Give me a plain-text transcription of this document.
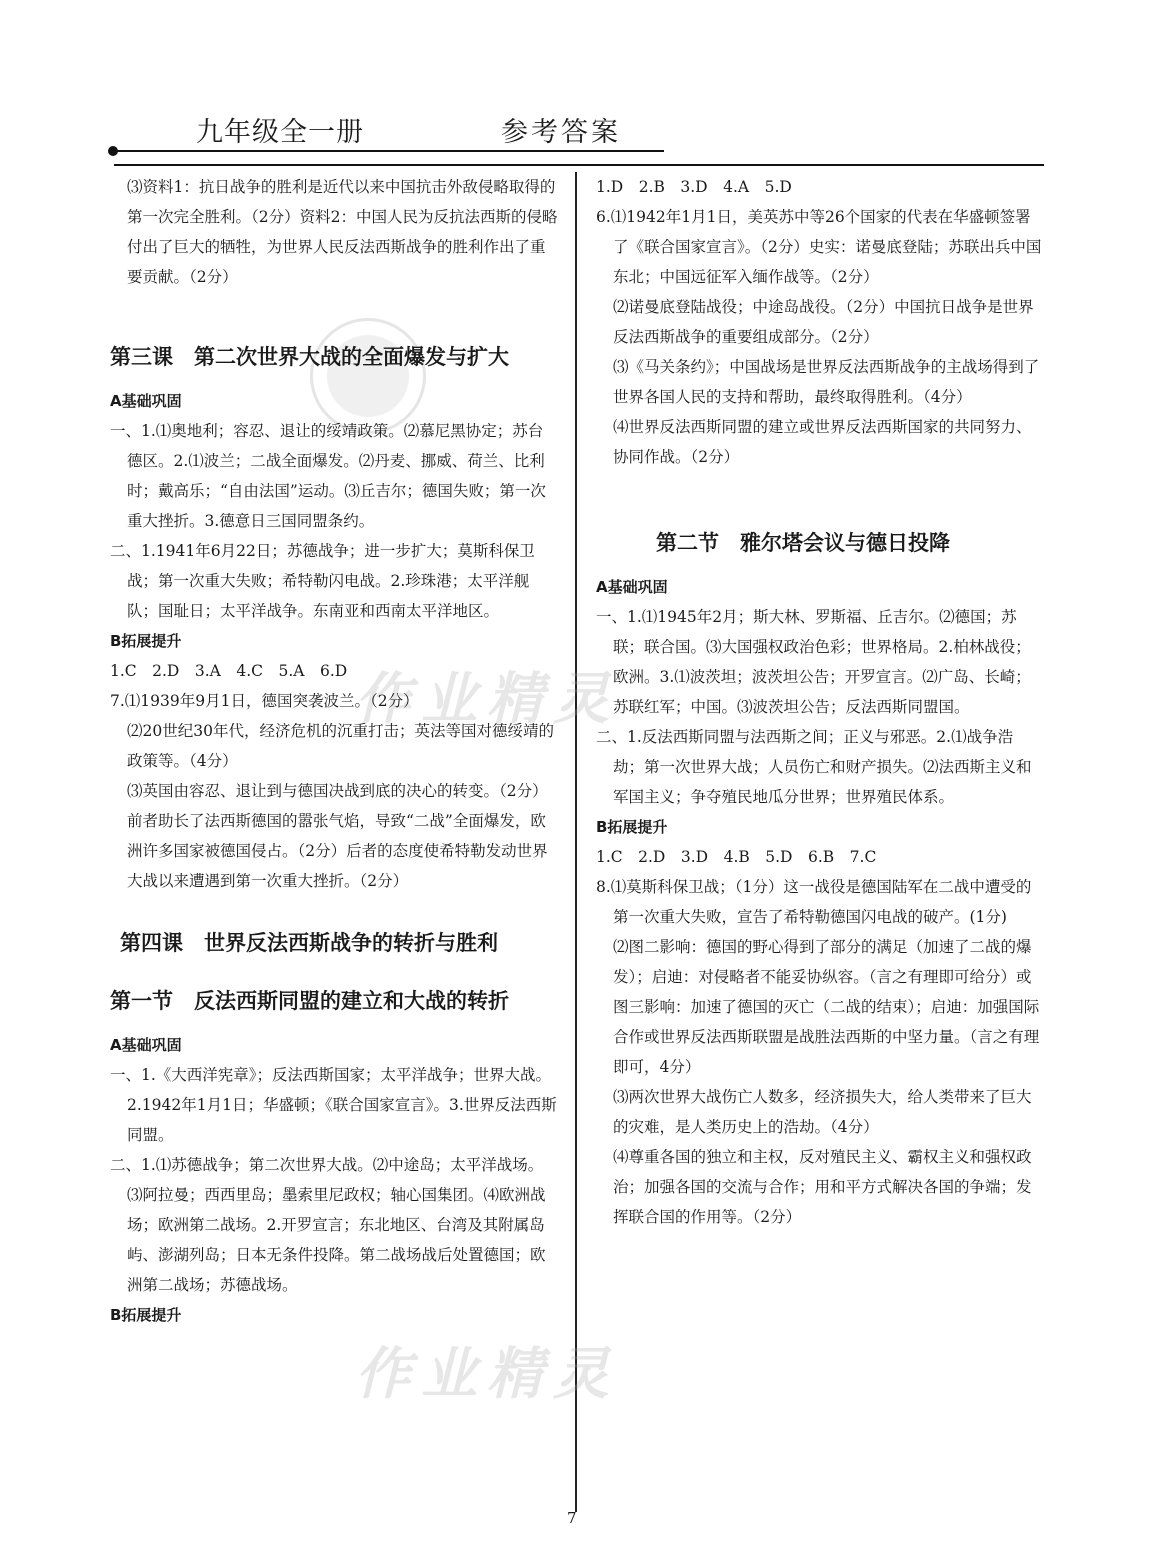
九年级全一册	参考答案
作业精灵
作业精灵
⑶资料1：抗日战争的胜利是近代以来中国抗击外敌侵略取得的第一次完全胜利。（2分）资料2：中国人民为反抗法西斯的侵略付出了巨大的牺牲，为世界人民反法西斯战争的胜利作出了重要贡献。（2分）
第三课　第二次世界大战的全面爆发与扩大
A基础巩固
一、1.⑴奥地利；容忍、退让的绥靖政策。⑵慕尼黑协定；苏台德区。2.⑴波兰；二战全面爆发。⑵丹麦、挪威、荷兰、比利时；戴高乐；“自由法国”运动。⑶丘吉尔；德国失败；第一次重大挫折。3.德意日三国同盟条约。
二、1.1941年6月22日；苏德战争；进一步扩大；莫斯科保卫战；第一次重大失败；希特勒闪电战。2.珍珠港；太平洋舰队；国耻日；太平洋战争。东南亚和西南太平洋地区。
B拓展提升
1.C　2.D　3.A　4.C　5.A　6.D
7.⑴1939年9月1日，德国突袭波兰。（2分）
⑵20世纪30年代，经济危机的沉重打击；英法等国对德绥靖的政策等。（4分）
⑶英国由容忍、退让到与德国决战到底的决心的转变。（2分）前者助长了法西斯德国的嚣张气焰，导致“二战”全面爆发，欧洲许多国家被德国侵占。（2分）后者的态度使希特勒发动世界大战以来遭遇到第一次重大挫折。（2分）
第四课　世界反法西斯战争的转折与胜利
第一节　反法西斯同盟的建立和大战的转折
A基础巩固
一、1.《大西洋宪章》；反法西斯国家；太平洋战争；世界大战。2.1942年1月1日；华盛顿；《联合国家宣言》。3.世界反法西斯同盟。
二、1.⑴苏德战争；第二次世界大战。⑵中途岛；太平洋战场。⑶阿拉曼；西西里岛；墨索里尼政权；轴心国集团。⑷欧洲战场；欧洲第二战场。2.开罗宣言；东北地区、台湾及其附属岛屿、澎湖列岛；日本无条件投降。第二战场战后处置德国；欧洲第二战场；苏德战场。
B拓展提升
1.D　2.B　3.D　4.A　5.D
6.⑴1942年1月1日，美英苏中等26个国家的代表在华盛顿签署了《联合国家宣言》。（2分）史实：诺曼底登陆；苏联出兵中国东北；中国远征军入缅作战等。（2分）
⑵诺曼底登陆战役；中途岛战役。（2分）中国抗日战争是世界反法西斯战争的重要组成部分。（2分）
⑶《马关条约》；中国战场是世界反法西斯战争的主战场得到了世界各国人民的支持和帮助，最终取得胜利。（4分）
⑷世界反法西斯同盟的建立或世界反法西斯国家的共同努力、协同作战。（2分）
第二节　雅尔塔会议与德日投降
A基础巩固
一、1.⑴1945年2月；斯大林、罗斯福、丘吉尔。⑵德国；苏联；联合国。⑶大国强权政治色彩；世界格局。2.柏林战役；欧洲。3.⑴波茨坦；波茨坦公告；开罗宣言。⑵广岛、长崎；苏联红军；中国。⑶波茨坦公告；反法西斯同盟国。
二、1.反法西斯同盟与法西斯之间；正义与邪恶。2.⑴战争浩劫；第一次世界大战；人员伤亡和财产损失。⑵法西斯主义和军国主义；争夺殖民地瓜分世界；世界殖民体系。
B拓展提升
1.C　2.D　3.D　4.B　5.D　6.B　7.C
8.⑴莫斯科保卫战；（1分）这一战役是德国陆军在二战中遭受的第一次重大失败，宣告了希特勒德国闪电战的破产。(1分)
⑵图二影响：德国的野心得到了部分的满足（加速了二战的爆发）；启迪：对侵略者不能妥协纵容。（言之有理即可给分）或图三影响：加速了德国的灭亡（二战的结束）；启迪：加强国际合作或世界反法西斯联盟是战胜法西斯的中坚力量。（言之有理即可，4分）
⑶两次世界大战伤亡人数多，经济损失大，给人类带来了巨大的灾难，是人类历史上的浩劫。（4分）
⑷尊重各国的独立和主权，反对殖民主义、霸权主义和强权政治；加强各国的交流与合作；用和平方式解决各国的争端；发挥联合国的作用等。（2分）
7
